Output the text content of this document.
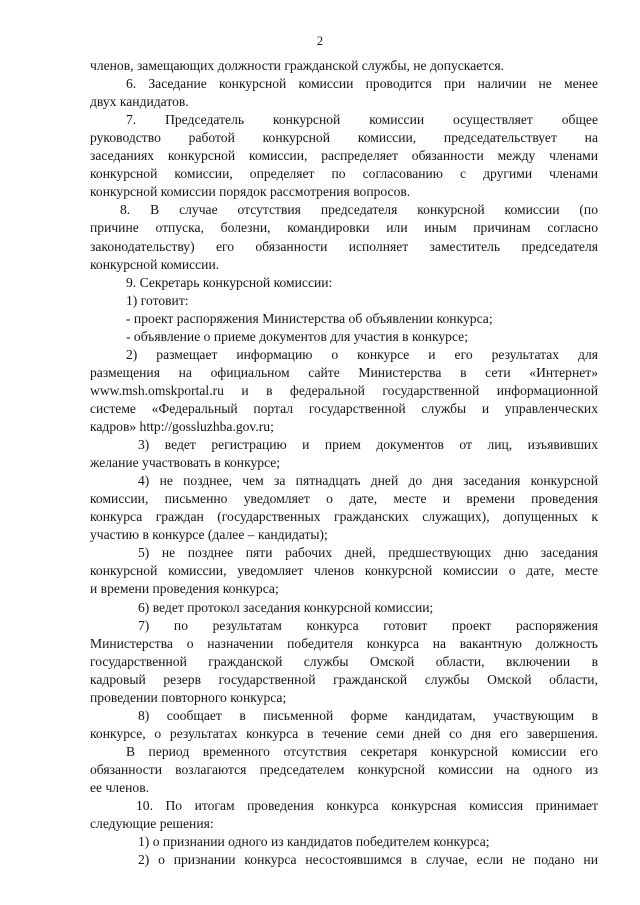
2
членов, замещающих должности гражданской службы, не допускается.
6. Заседание конкурсной комиссии проводится при наличии не менее
двух кандидатов.
7. Председатель конкурсной комиссии осуществляет общее
руководство работой конкурсной комиссии, председательствует на
заседаниях конкурсной комиссии, распределяет обязанности между членами
конкурсной комиссии, определяет по согласованию с другими членами
конкурсной комиссии порядок рассмотрения вопросов.
8. В случае отсутствия председателя конкурсной комиссии (по
причине отпуска, болезни, командировки или иным причинам согласно
законодательству) его обязанности исполняет заместитель председателя
конкурсной комиссии.
9. Секретарь конкурсной комиссии:
1) готовит:
- проект распоряжения Министерства об объявлении конкурса;
- объявление о приеме документов для участия в конкурсе;
2) размещает информацию о конкурсе и его результатах для
размещения на официальном сайте Министерства в сети «Интернет»
www.msh.omskportal.ru и в федеральной государственной информационной
системе «Федеральный портал государственной службы и управленческих
кадров» http://gossluzhba.gov.ru;
3) ведет регистрацию и прием документов от лиц, изъявивших
желание участвовать в конкурсе;
4) не позднее, чем за пятнадцать дней до дня заседания конкурсной
комиссии, письменно уведомляет о дате, месте и времени проведения
конкурса граждан (государственных гражданских служащих), допущенных к
участию в конкурсе (далее – кандидаты);
5) не позднее пяти рабочих дней, предшествующих дню заседания
конкурсной комиссии, уведомляет членов конкурсной комиссии о дате, месте
и времени проведения конкурса;
6) ведет протокол заседания конкурсной комиссии;
7) по результатам конкурса готовит проект распоряжения
Министерства о назначении победителя конкурса на вакантную должность
государственной гражданской службы Омской области, включении в
кадровый резерв государственной гражданской службы Омской области,
проведении повторного конкурса;
8) сообщает в письменной форме кандидатам, участвующим в
конкурсе, о результатах конкурса в течение семи дней со дня его завершения.
В период временного отсутствия секретаря конкурсной комиссии его
обязанности возлагаются председателем конкурсной комиссии на одного из
ее членов.
10. По итогам проведения конкурса конкурсная комиссия принимает
следующие решения:
1) о признании одного из кандидатов победителем конкурса;
2) о признании конкурса несостоявшимся в случае, если не подано ни
